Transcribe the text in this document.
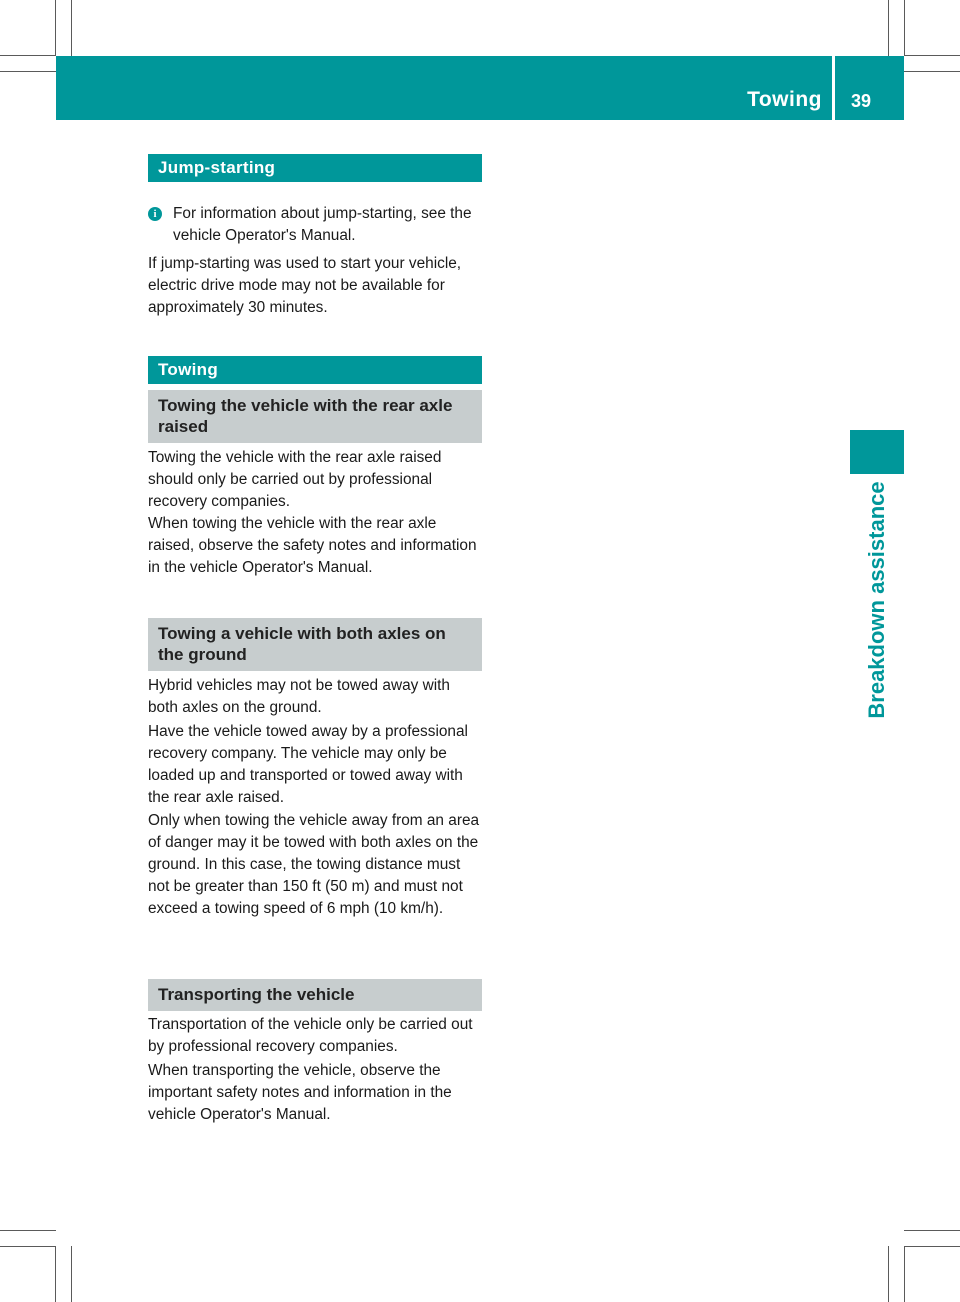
Towing 39
Breakdown assistance
Jump-starting
i	For information about jump-starting, see the vehicle Operator's Manual.

If jump-starting was used to start your vehicle, electric drive mode may not be available for approximately 30 minutes.

Towing
Towing the vehicle with the rear axle raised

Towing the vehicle with the rear axle raised should only be carried out by professional recovery companies.

When towing the vehicle with the rear axle raised, observe the safety notes and information in the vehicle Operator's Manual.

Towing a vehicle with both axles on the ground

Hybrid vehicles may not be towed away with both axles on the ground.

Have the vehicle towed away by a professional recovery company. The vehicle may only be loaded up and transported or towed away with the rear axle raised.

Only when towing the vehicle away from an area of danger may it be towed with both axles on the ground. In this case, the towing distance must not be greater than 150 ft (50 m) and must not exceed a towing speed of 6 mph (10 km/h).

Transporting the vehicle

Transportation of the vehicle only be carried out by professional recovery companies.

When transporting the vehicle, observe the important safety notes and information in the vehicle Operator's Manual.
